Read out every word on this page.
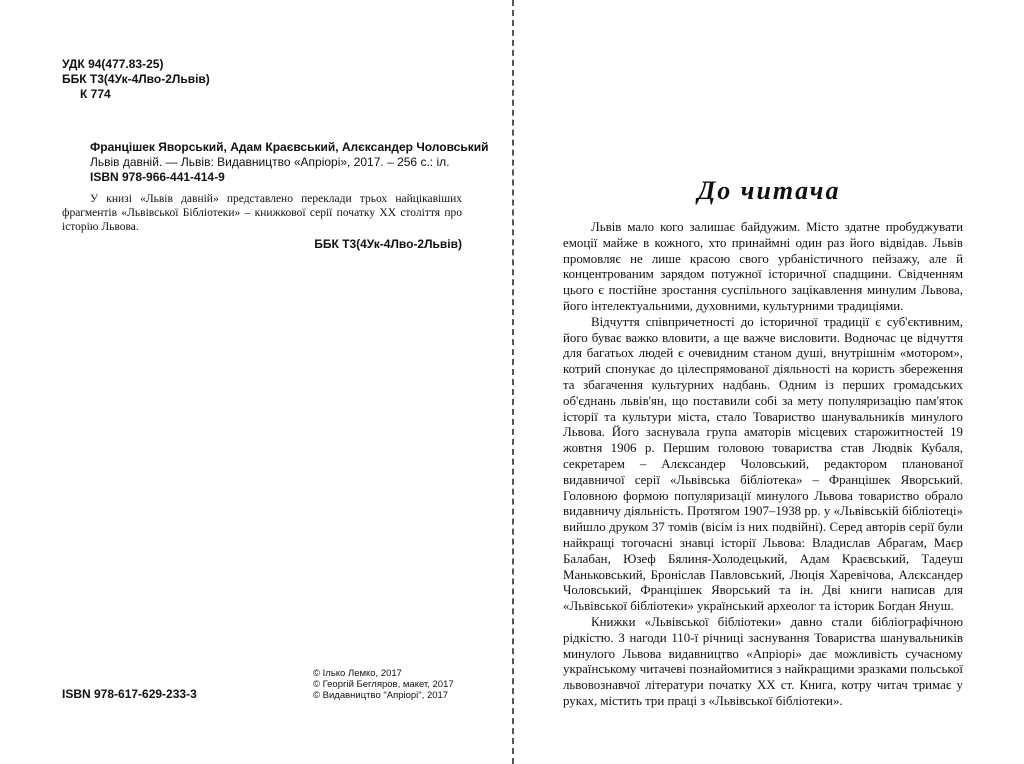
УДК 94(477.83-25)
ББК Т3(4Ук-4Лво-2Львів)
К 774
Францішек Яворський, Адам Краєвський, Алєксандер Чоловський
Львів давній. — Львів: Видавництво «Апріорі», 2017. – 256 с.: іл.
ISBN 978-966-441-414-9

У книзі «Львів давній» представлено переклади трьох найцікавіших фрагментів «Львівської Бібліотеки» – книжкової серії початку ХХ століття про історію Львова.

ББК Т3(4Ук-4Лво-2Львів)
ISBN 978-617-629-233-3
© Ілько Лемко, 2017
© Георгій Бегляров, макет, 2017
© Видавництво "Апріорі", 2017
До читача

Львів мало кого залишає байдужим. Місто здатне пробуджувати емоції майже в кожного, хто принаймні один раз його відвідав. Львів промовляє не лише красою свого урбаністичного пейзажу, але й концентрованим зарядом потужної історичної спадщини. Свідченням цього є постійне зростання суспільного зацікавлення минулим Львова, його інтелектуальними, духовними, культурними традиціями.

Відчуття співпричетності до історичної традиції є суб'єктивним, його буває важко вловити, а ще важче висловити. Водночас це відчуття для багатьох людей є очевидним станом душі, внутрішнім «мотором», котрий спонукає до цілеспрямованої діяльності на користь збереження та збагачення культурних надбань. Одним із перших громадських об'єднань львів'ян, що поставили собі за мету популяризацію пам'яток історії та культури міста, стало Товариство шанувальників минулого Львова. Його заснувала група аматорів місцевих старожитностей 19 жовтня 1906 р. Першим головою товариства став Людвік Кубаля, секретарем – Алєксандер Чоловський, редактором планованої видавничої серії «Львівська бібліотека» – Францішек Яворський. Головною формою популяризації минулого Львова товариство обрало видавничу діяльність. Протягом 1907–1938 рр. у «Львівській бібліотеці» вийшло друком 37 томів (вісім із них подвійні). Серед авторів серії були найкращі тогочасні знавці історії Львова: Владислав Абрагам, Маєр Балабан, Юзеф Бялиня-Холодецький, Адам Краєвський, Тадеуш Маньковський, Броніслав Павловський, Люція Харевічова, Алєксандер Чоловський, Францішек Яворський та ін. Дві книги написав для «Львівської бібліотеки» український археолог та історик Богдан Януш.

Книжки «Львівської бібліотеки» давно стали бібліографічною рідкістю. З нагоди 110-ї річниці заснування Товариства шанувальників минулого Львова видавництво «Апріорі» дає можливість сучасному українському читачеві познайомитися з найкращими зразками польської львовознавчої літератури початку ХХ ст. Книга, котру читач тримає у руках, містить три праці з «Львівської бібліотеки».
